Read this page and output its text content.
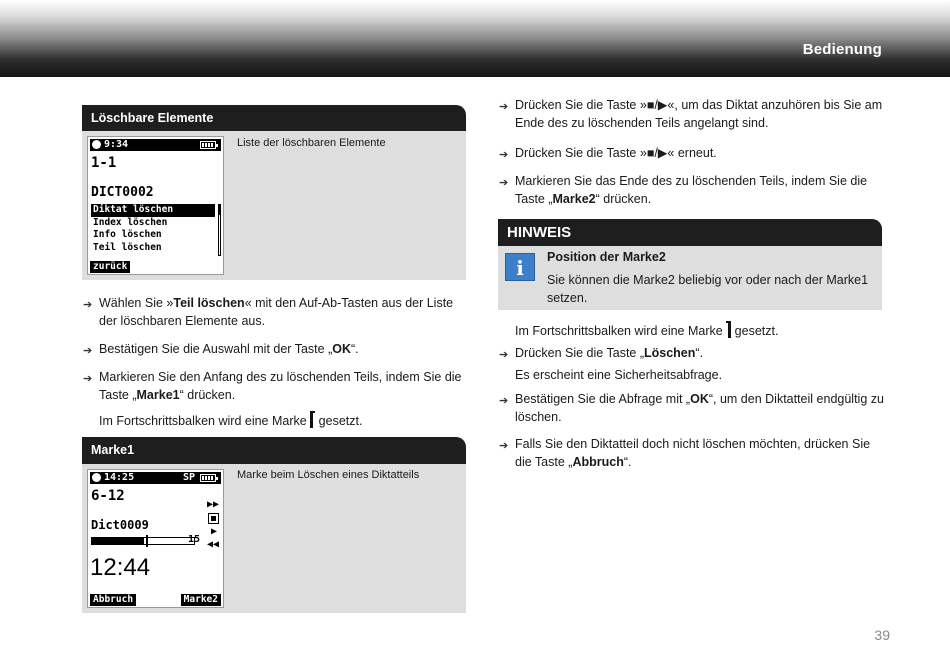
Bedienung
Löschbare Elemente
Liste der löschbaren Elemente
9:34
1-1
DICT0002
Diktat löschen
Index löschen
Info löschen
Teil löschen
zurück
➔ Wählen Sie »Teil löschen« mit den Auf-Ab-Tasten aus der Liste der löschbaren Elemente aus.
➔ Bestätigen Sie die Auswahl mit der Taste „OK“.
➔ Markieren Sie den Anfang des zu löschenden Teils, indem Sie die Taste „Marke1“ drücken.
Im Fortschrittsbalken wird eine Marke gesetzt.
Marke1
Marke beim Löschen eines Diktatteils
14:25	SP
6-12
Dict0009
15
▶▶
▶
◀◀
12:44
Abbruch	Marke2
➔ Drücken Sie die Taste »■/▶«, um das Diktat anzuhören bis Sie am Ende des zu löschenden Teils angelangt sind.
➔ Drücken Sie die Taste »■/▶« erneut.
➔ Markieren Sie das Ende des zu löschenden Teils, indem Sie die Taste „Marke2“ drücken.
HINWEIS
i	Position der Marke2
Sie können die Marke2 beliebig vor oder nach der Marke1 setzen.
Im Fortschrittsbalken wird eine Marke gesetzt.
➔ Drücken Sie die Taste „Löschen“.
Es erscheint eine Sicherheitsabfrage.
➔ Bestätigen Sie die Abfrage mit „OK“, um den Diktatteil endgültig zu löschen.
➔ Falls Sie den Diktatteil doch nicht löschen möchten, drücken Sie die Taste „Abbruch“.
39
